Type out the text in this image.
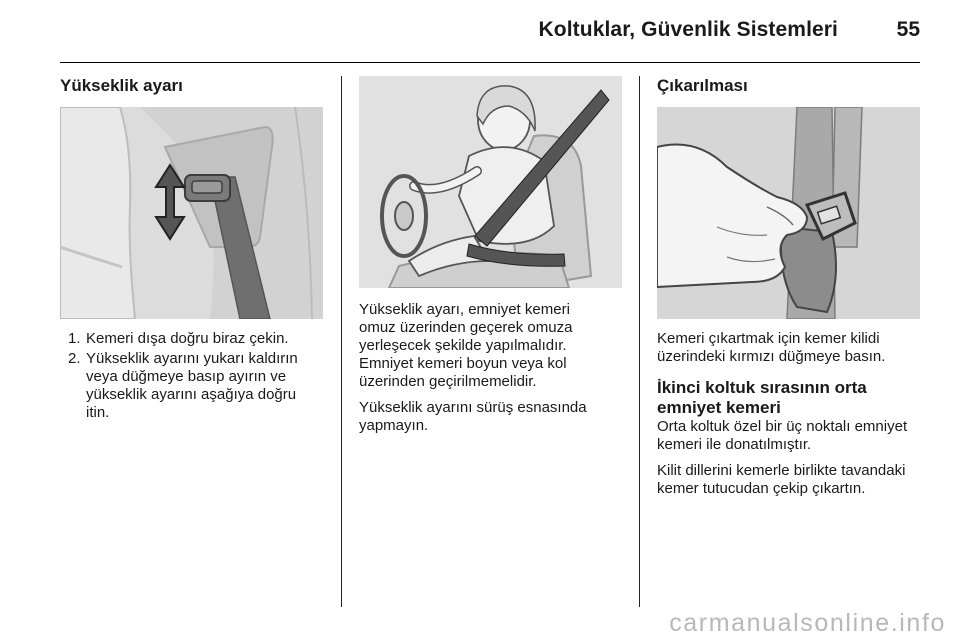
Koltuklar, Güvenlik Sistemleri	55
Yükseklik ayarı
1. Kemeri dışa doğru biraz çekin.
2. Yükseklik ayarını yukarı kaldırın
veya düğmeye basıp ayırın ve
yükseklik ayarını aşağıya doğru
itin.

Yükseklik ayarı, emniyet kemeri
omuz üzerinden geçerek omuza
yerleşecek şekilde yapılmalıdır.
Emniyet kemeri boyun veya kol
üzerinden geçirilmemelidir.

Yükseklik ayarını sürüş esnasında
yapmayın.

Çıkarılması

Kemeri çıkartmak için kemer kilidi
üzerindeki kırmızı düğmeye basın.

İkinci koltuk sırasının orta
emniyet kemeri

Orta koltuk özel bir üç noktalı emniyet
kemeri ile donatılmıştır.

Kilit dillerini kemerle birlikte tavandaki
kemer tutucudan çekip çıkartın.

carmanualsonline.info
